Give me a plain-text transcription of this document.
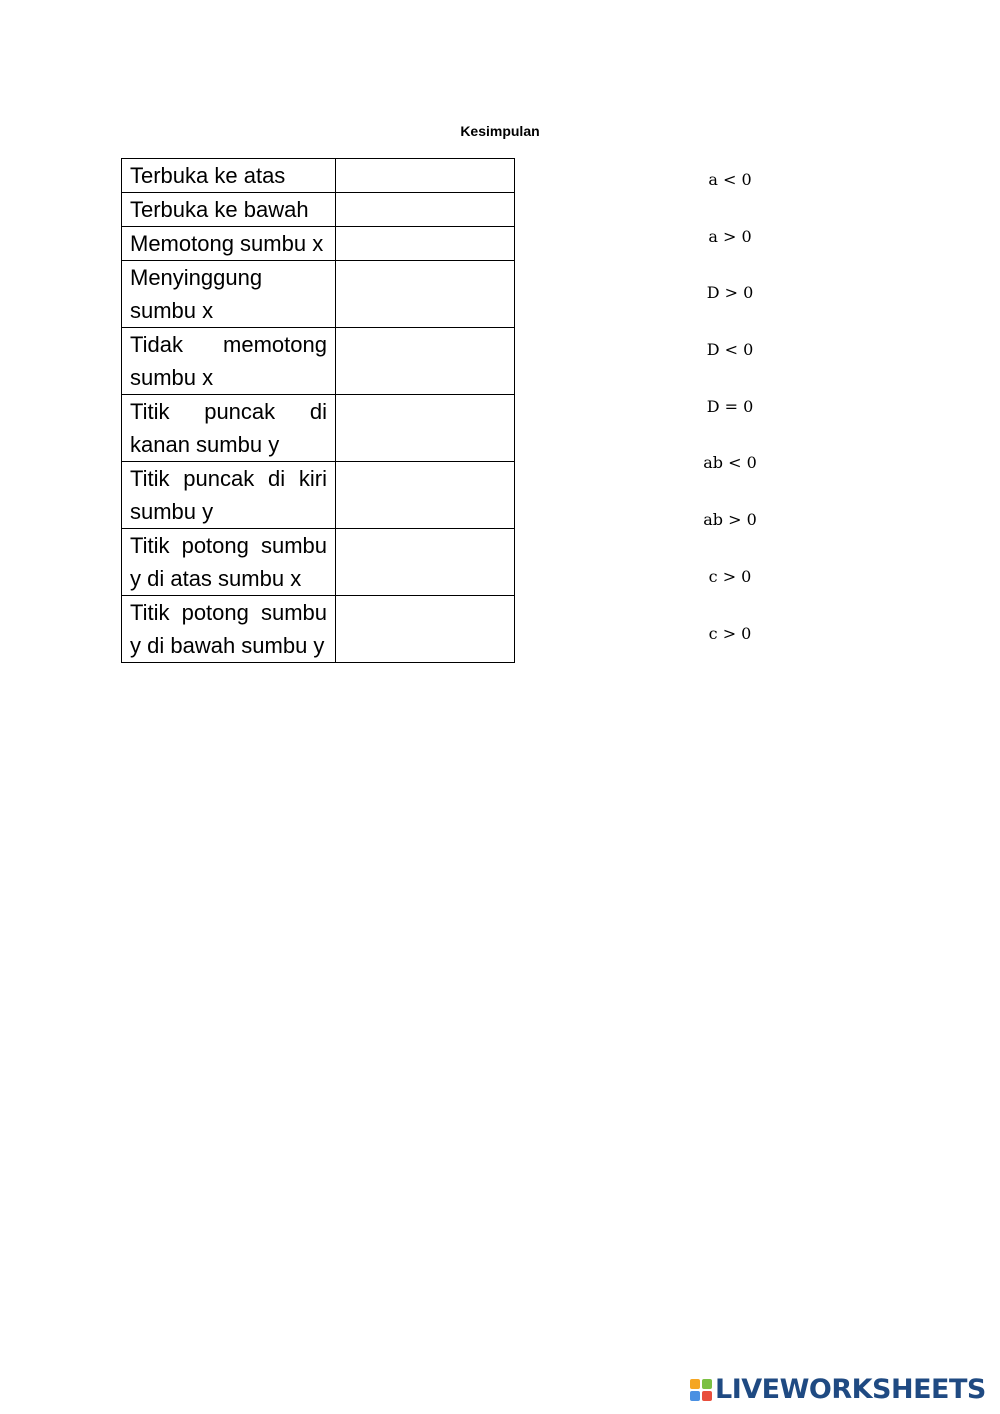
Kesimpulan
Terbuka ke atas	
Terbuka ke bawah	
Memotong sumbu x	
Menyinggung sumbu x	
Tidak memotong sumbu x	
Titik puncak di kanan sumbu y	
Titik puncak di kiri sumbu y	
Titik potong sumbu y di atas sumbu x	
Titik potong sumbu y di bawah sumbu y	
a < 0
a > 0
D > 0
D < 0
D = 0
ab < 0
ab > 0
c > 0
c > 0
LIVEWORKSHEETS
